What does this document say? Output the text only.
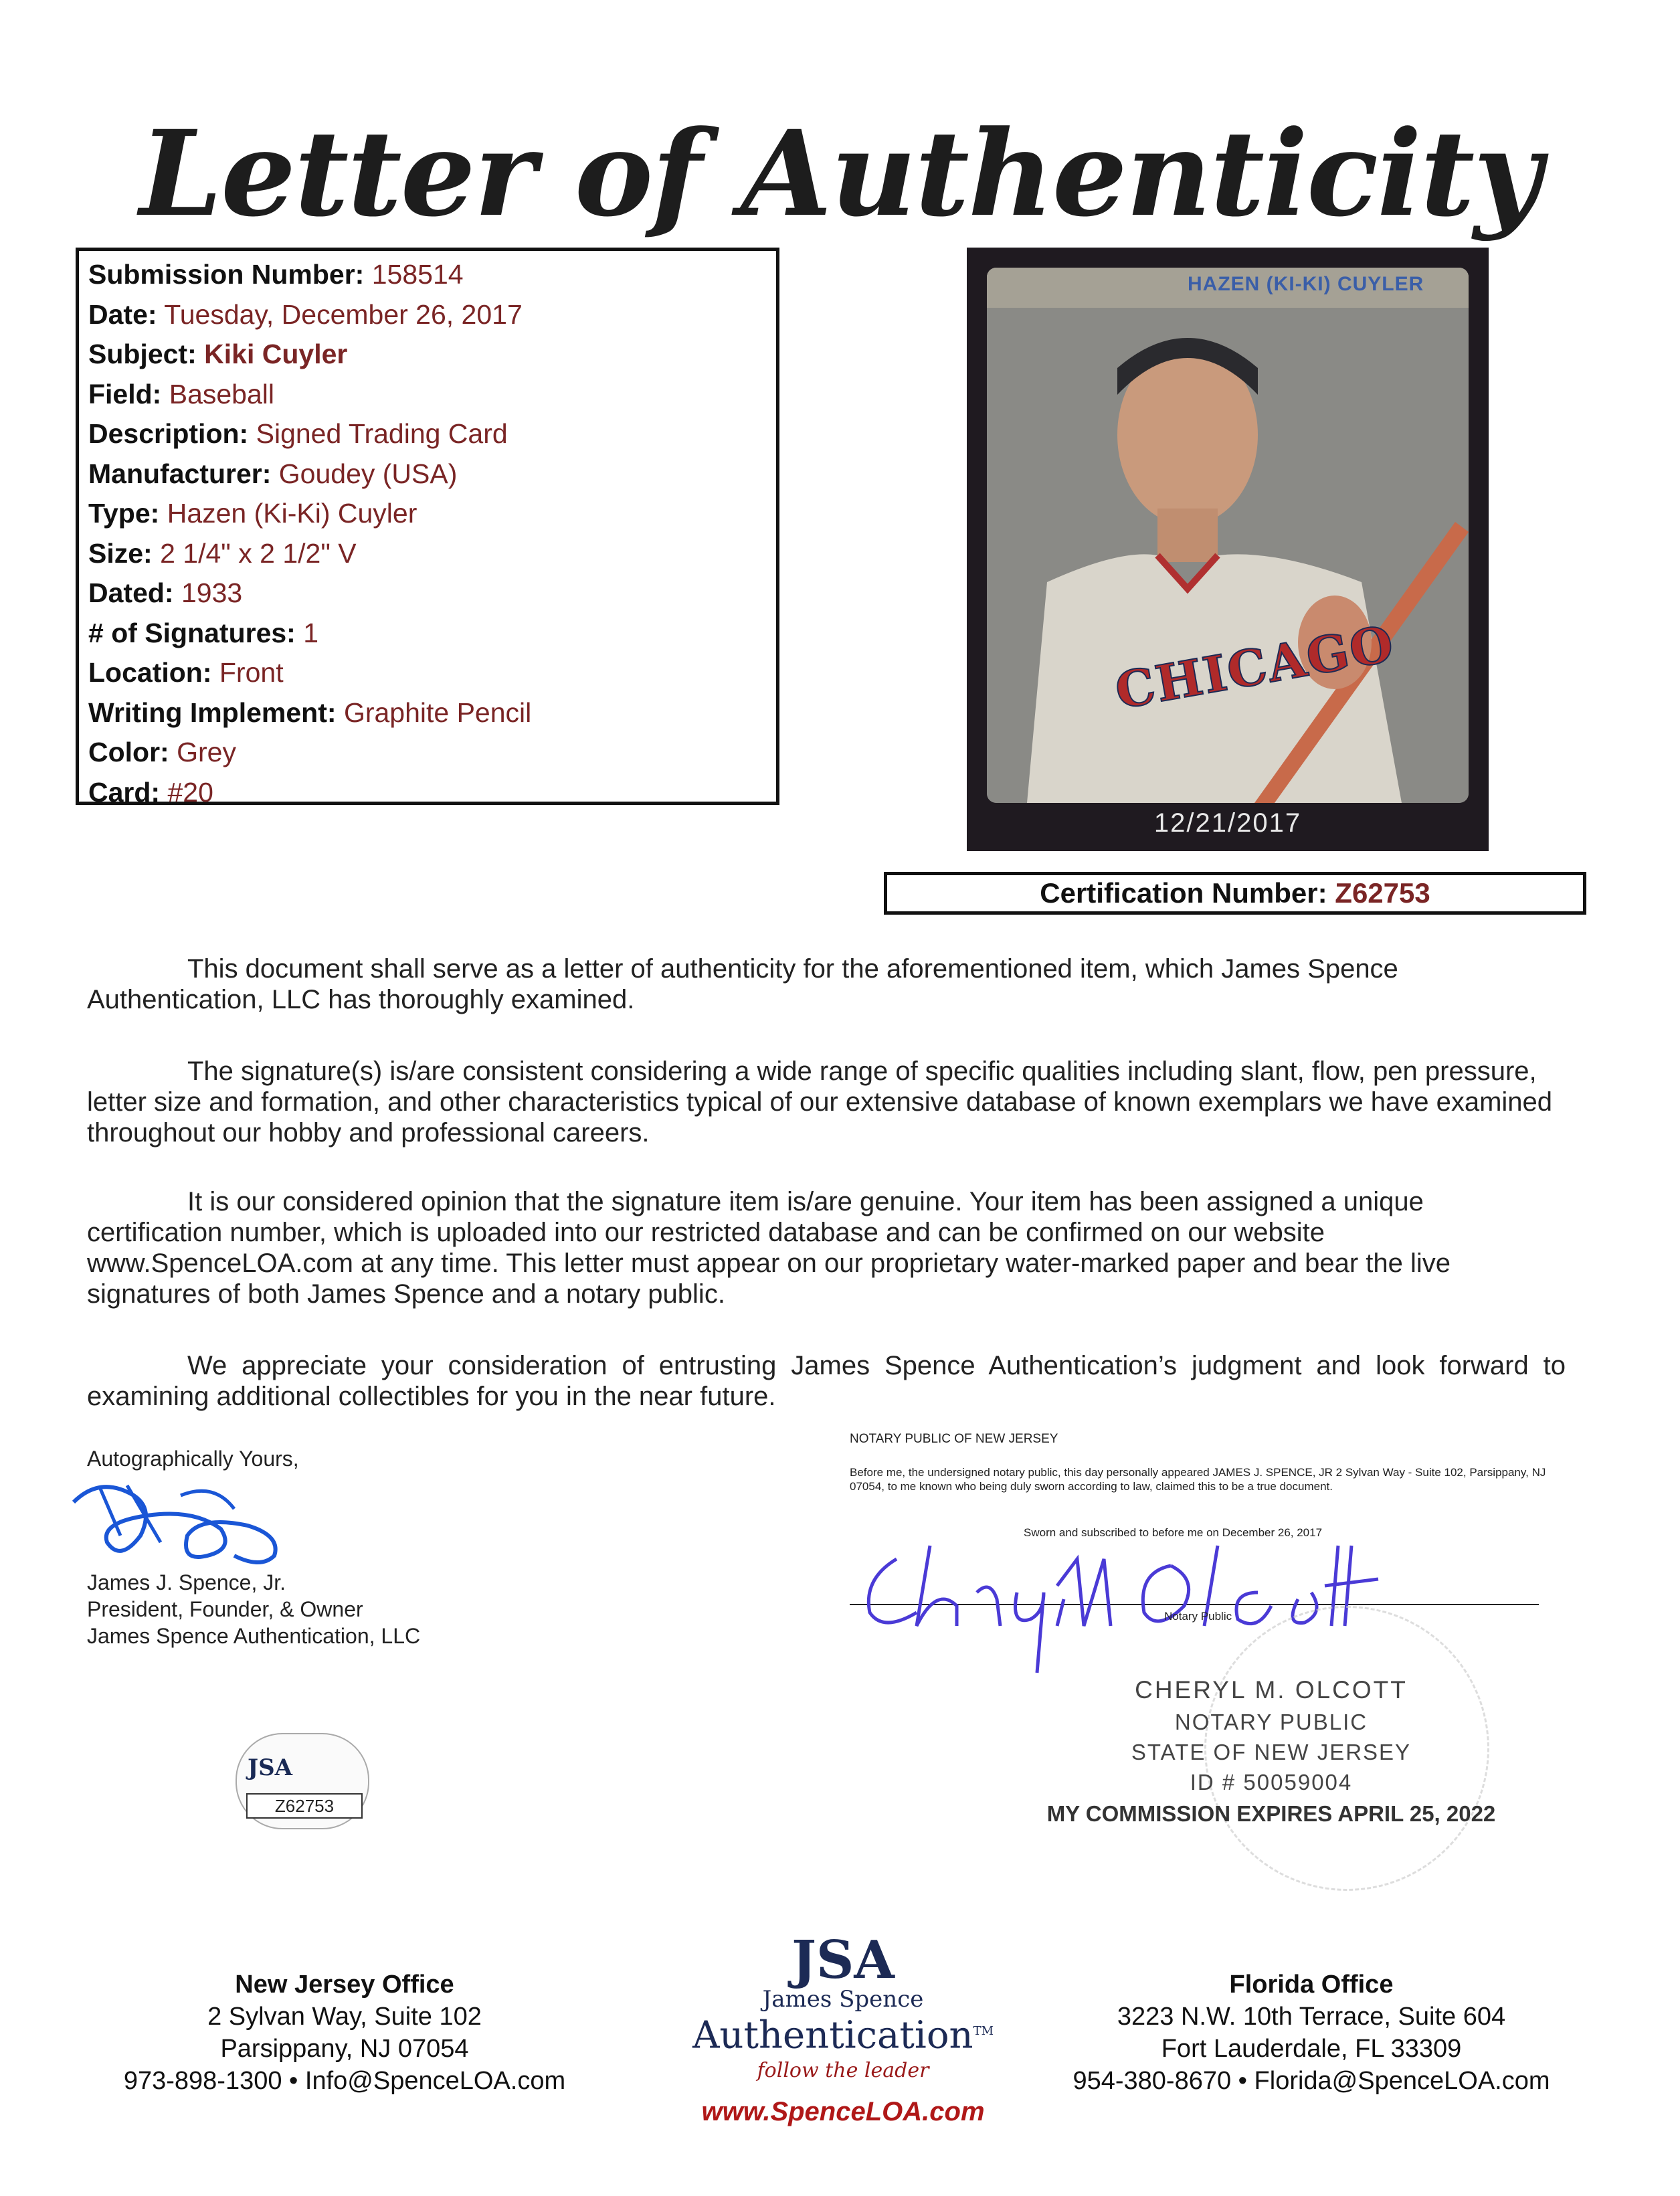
Letter of Authenticity
Submission Number: 158514
Date: Tuesday, December 26, 2017
Subject: Kiki Cuyler
Field: Baseball
Description: Signed Trading Card
Manufacturer: Goudey (USA)
Type: Hazen (Ki-Ki) Cuyler
Size: 2 1/4" x 2 1/2" V
Dated: 1933
# of Signatures: 1
Location: Front
Writing Implement: Graphite Pencil
Color: Grey
Card: #20
HAZEN (KI-KI) CUYLER
CHICAGO
12/21/2017
Certification Number: Z62753
This document shall serve as a letter of authenticity for the aforementioned item, which James Spence Authentication, LLC has thoroughly examined.
The signature(s) is/are consistent considering a wide range of specific qualities including slant, flow, pen pressure, letter size and formation, and other characteristics typical of our extensive database of known exemplars we have examined throughout our hobby and professional careers.
It is our considered opinion that the signature item is/are genuine. Your item has been assigned a unique certification number, which is uploaded into our restricted database and can be confirmed on our website www.SpenceLOA.com at any time. This letter must appear on our proprietary water-marked paper and bear the live signatures of both James Spence and a notary public.
We appreciate your consideration of entrusting James Spence Authentication’s judgment and look forward to examining additional collectibles for you in the near future.
Autographically Yours,
James J. Spence, Jr.
President, Founder, & Owner
James Spence Authentication, LLC
JSA
Z62753
NOTARY PUBLIC OF NEW JERSEY
Before me, the undersigned notary public, this day personally appeared JAMES J. SPENCE, JR 2 Sylvan Way - Suite 102, Parsippany, NJ 07054, to me known who being duly sworn according to law, claimed this to be a true document.
Sworn and subscribed to before me on December 26, 2017
Notary Public
CHERYL M. OLCOTT
NOTARY PUBLIC
STATE OF NEW JERSEY
ID # 50059004
MY COMMISSION EXPIRES APRIL 25, 2022
New Jersey Office
2 Sylvan Way, Suite 102
Parsippany, NJ 07054
973-898-1300 • Info@SpenceLOA.com
JSA
James Spence
Authentication™
follow the leader
www.SpenceLOA.com
Florida Office
3223 N.W. 10th Terrace, Suite 604
Fort Lauderdale, FL 33309
954-380-8670 • Florida@SpenceLOA.com
